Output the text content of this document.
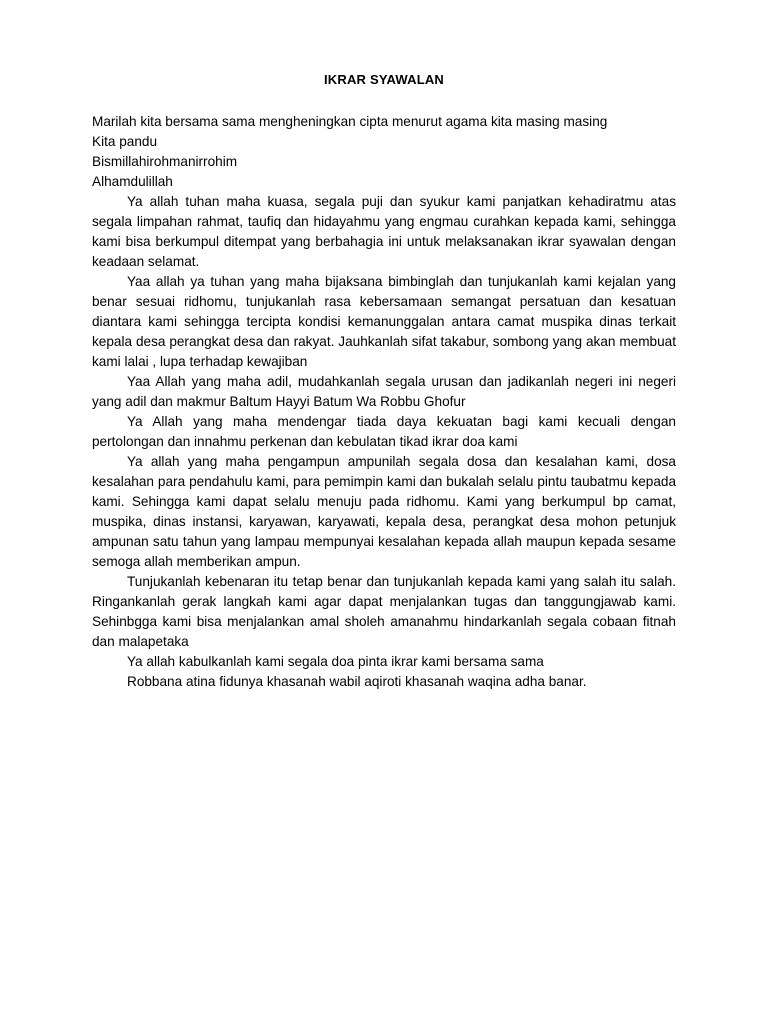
IKRAR SYAWALAN

Marilah kita bersama sama mengheningkan cipta menurut agama kita masing masing

Kita pandu

Bismillahirohmanirrohim

Alhamdulillah

Ya allah tuhan maha kuasa, segala puji dan syukur kami panjatkan kehadiratmu atas segala limpahan rahmat, taufiq dan hidayahmu yang engmau curahkan kepada kami, sehingga kami bisa berkumpul ditempat yang berbahagia ini untuk melaksanakan ikrar syawalan dengan keadaan selamat.

Yaa allah ya tuhan yang maha bijaksana bimbinglah dan tunjukanlah kami kejalan yang benar sesuai ridhomu, tunjukanlah rasa kebersamaan semangat persatuan dan kesatuan diantara kami sehingga tercipta kondisi kemanunggalan antara camat muspika dinas terkait kepala desa perangkat desa dan rakyat. Jauhkanlah sifat takabur, sombong yang akan membuat kami lalai , lupa terhadap kewajiban

Yaa Allah yang maha adil, mudahkanlah segala urusan dan jadikanlah negeri ini negeri yang adil dan makmur Baltum Hayyi Batum Wa Robbu Ghofur

Ya Allah yang maha mendengar tiada daya kekuatan bagi kami kecuali dengan pertolongan dan innahmu perkenan dan kebulatan tikad ikrar doa kami

Ya allah yang maha pengampun ampunilah segala dosa dan kesalahan kami, dosa kesalahan para pendahulu kami, para pemimpin kami dan bukalah selalu pintu taubatmu kepada kami. Sehingga kami dapat selalu menuju pada ridhomu. Kami yang berkumpul bp camat, muspika, dinas instansi, karyawan, karyawati, kepala desa, perangkat desa mohon petunjuk ampunan satu tahun yang lampau mempunyai kesalahan kepada allah maupun kepada sesame semoga allah memberikan ampun.

Tunjukanlah kebenaran itu tetap benar dan tunjukanlah kepada kami yang salah itu salah. Ringankanlah gerak langkah kami agar dapat menjalankan tugas dan tanggungjawab kami. Sehinbgga kami bisa menjalankan amal sholeh amanahmu hindarkanlah segala cobaan fitnah dan malapetaka

Ya allah kabulkanlah kami segala doa pinta ikrar kami bersama sama

Robbana atina fidunya khasanah wabil aqiroti khasanah waqina adha banar.
